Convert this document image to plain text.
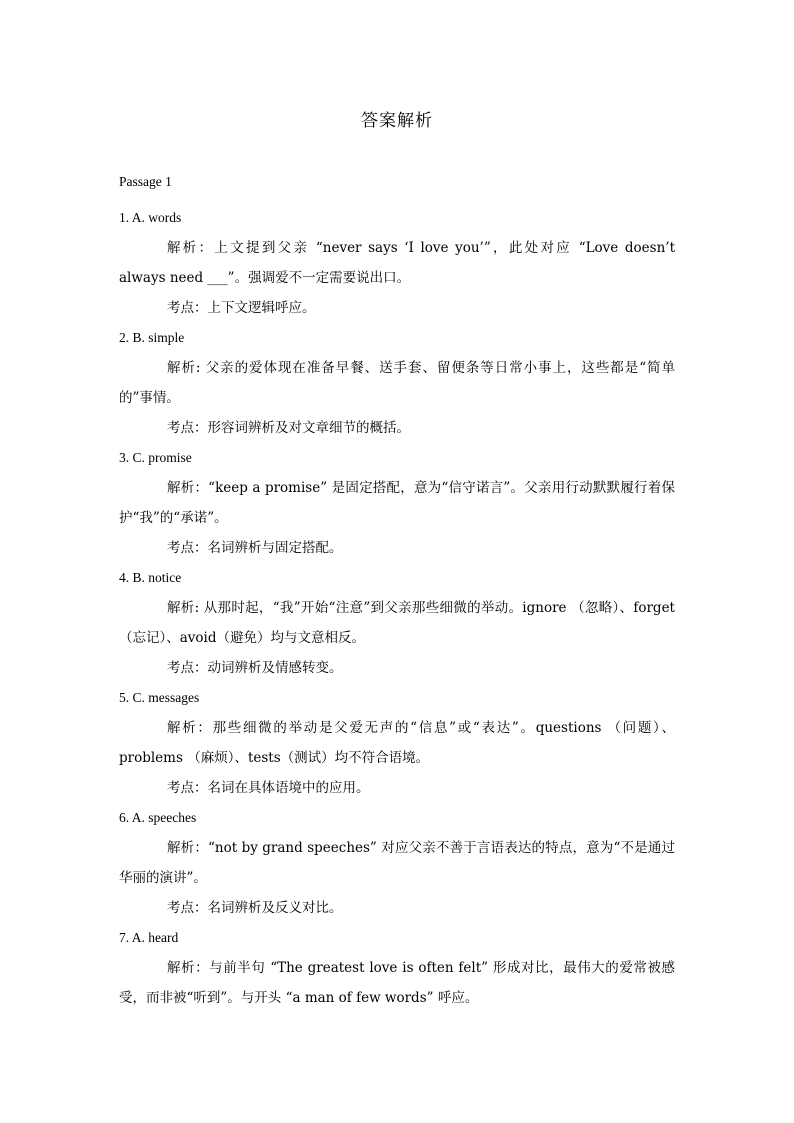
答案解析
Passage 1
1. A. words

解析：上文提到父亲 “never says ‘I love you’”，此处对应 “Love doesn’t always need ___”。强调爱不一定需要说出口。

考点：上下文逻辑呼应。
2. B. simple

解析: 父亲的爱体现在准备早餐、送手套、留便条等日常小事上，这些都是“简单的”事情。

考点：形容词辨析及对文章细节的概括。
3. C. promise

解析：“keep a promise” 是固定搭配，意为“信守诺言”。父亲用行动默默履行着保护“我”的“承诺”。

考点：名词辨析与固定搭配。
4. B. notice

解析: 从那时起，“我”开始“注意”到父亲那些细微的举动。ignore （忽略）、forget（忘记）、avoid（避免）均与文意相反。

考点：动词辨析及情感转变。
5. C. messages

解析：那些细微的举动是父爱无声的“信息”或“表达”。questions （问题）、problems （麻烦）、tests（测试）均不符合语境。

考点：名词在具体语境中的应用。
6. A. speeches

解析：“not by grand speeches” 对应父亲不善于言语表达的特点，意为“不是通过华丽的演讲”。

考点：名词辨析及反义对比。
7. A. heard

解析：与前半句 “The greatest love is often felt” 形成对比，最伟大的爱常被感受，而非被“听到”。与开头 “a man of few words” 呼应。
